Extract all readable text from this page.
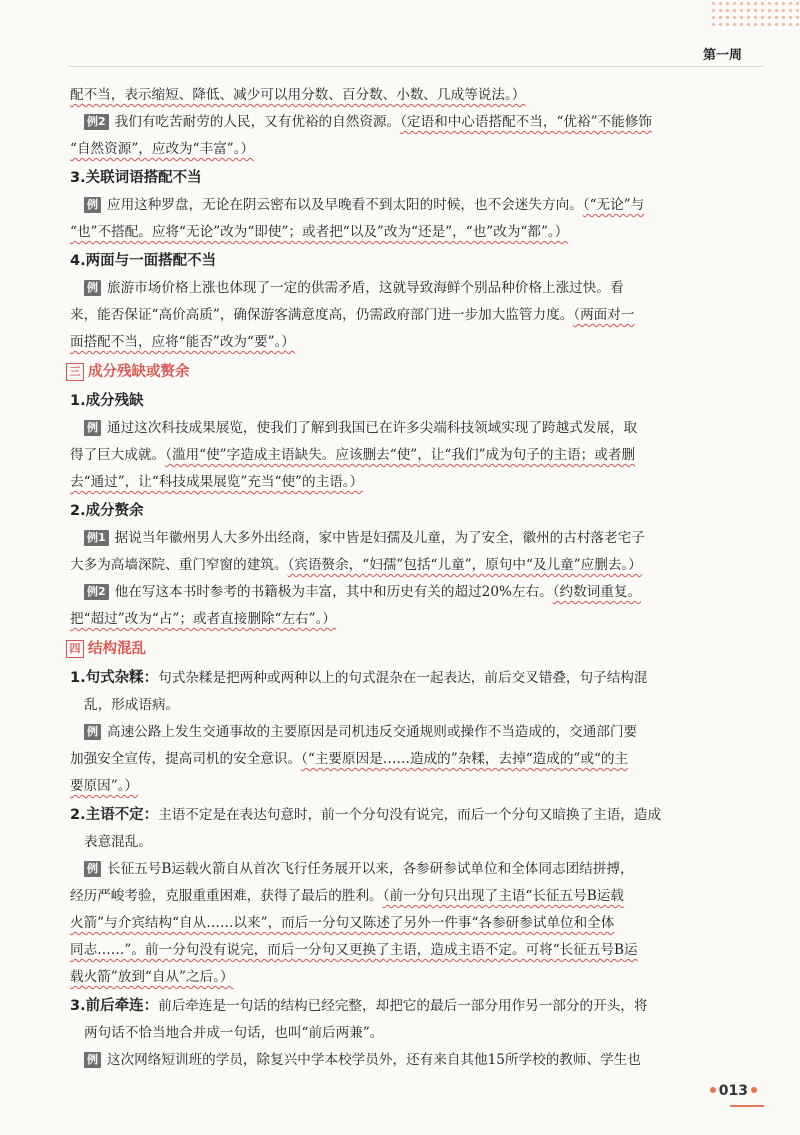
第一周

配不当，表示缩短、降低、减少可以用分数、百分数、小数、几成等说法。）

例2 我们有吃苦耐劳的人民，又有优裕的自然资源。（定语和中心语搭配不当，“优裕”不能修饰

“自然资源”，应改为“丰富”。）

3.关联词语搭配不当

例 应用这种罗盘，无论在阴云密布以及早晚看不到太阳的时候，也不会迷失方向。（“无论”与

“也”不搭配。应将“无论”改为“即使”；或者把“以及”改为“还是”，“也”改为“都”。）

4.两面与一面搭配不当

例 旅游市场价格上涨也体现了一定的供需矛盾，这就导致海鲜个别品种价格上涨过快。看

来，能否保证“高价高质”，确保游客满意度高，仍需政府部门进一步加大监管力度。（两面对一

面搭配不当，应将“能否”改为“要”。）

三 成分残缺或赘余
1.成分残缺

例 通过这次科技成果展览，使我们了解到我国已在许多尖端科技领域实现了跨越式发展，取

得了巨大成就。（滥用“使”字造成主语缺失。应该删去“使”，让“我们”成为句子的主语；或者删

去“通过”，让“科技成果展览”充当“使”的主语。）

2.成分赘余

例1 据说当年徽州男人大多外出经商，家中皆是妇孺及儿童，为了安全，徽州的古村落老宅子

大多为高墙深院、重门窄窗的建筑。（宾语赘余，“妇孺”包括“儿童”，原句中“及儿童”应删去。）

例2 他在写这本书时参考的书籍极为丰富，其中和历史有关的超过20%左右。（约数词重复。

把“超过”改为“占”；或者直接删除“左右”。）

四 结构混乱
1.句式杂糅：句式杂糅是把两种或两种以上的句式混杂在一起表达，前后交叉错叠，句子结构混

乱，形成语病。

例 高速公路上发生交通事故的主要原因是司机违反交通规则或操作不当造成的，交通部门要

加强安全宣传，提高司机的安全意识。（“主要原因是……造成的”杂糅，去掉“造成的”或“的主

要原因”。）

2.主语不定：主语不定是在表达句意时，前一个分句没有说完，而后一个分句又暗换了主语，造成

表意混乱。

例 长征五号B运载火箭自从首次飞行任务展开以来，各参研参试单位和全体同志团结拼搏，

经历严峻考验，克服重重困难，获得了最后的胜利。（前一分句只出现了主语“长征五号B运载

火箭”与介宾结构“自从……以来”，而后一分句又陈述了另外一件事“各参研参试单位和全体

同志……”。前一分句没有说完，而后一分句又更换了主语，造成主语不定。可将“长征五号B运

载火箭”放到“自从”之后。）

3.前后牵连：前后牵连是一句话的结构已经完整，却把它的最后一部分用作另一部分的开头，将

两句话不恰当地合并成一句话，也叫“前后两兼”。

例 这次网络短训班的学员，除复兴中学本校学员外，还有来自其他15所学校的教师、学生也

013
